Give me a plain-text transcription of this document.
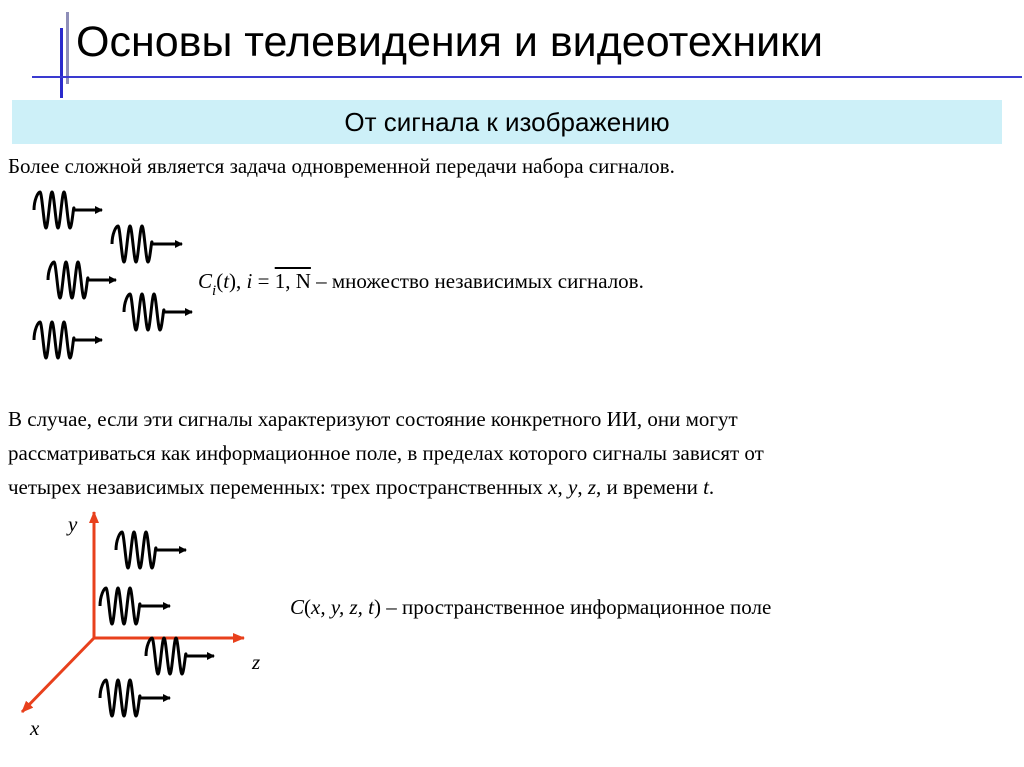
Основы телевидения и видеотехники
От сигнала к изображению
Более сложной является задача одновременной передачи набора сигналов.
$C_i(t)$, i = 1, N – множество независимых сигналов.
В случае, если эти сигналы характеризуют состояние конкретного ИИ, они могут
рассматриваться как информационное поле, в пределах которого сигналы зависят от
четырех независимых переменных: трех пространственных x, y, z, и времени t.
C(x, y, z, t) – пространственное информационное поле
y
z
x
